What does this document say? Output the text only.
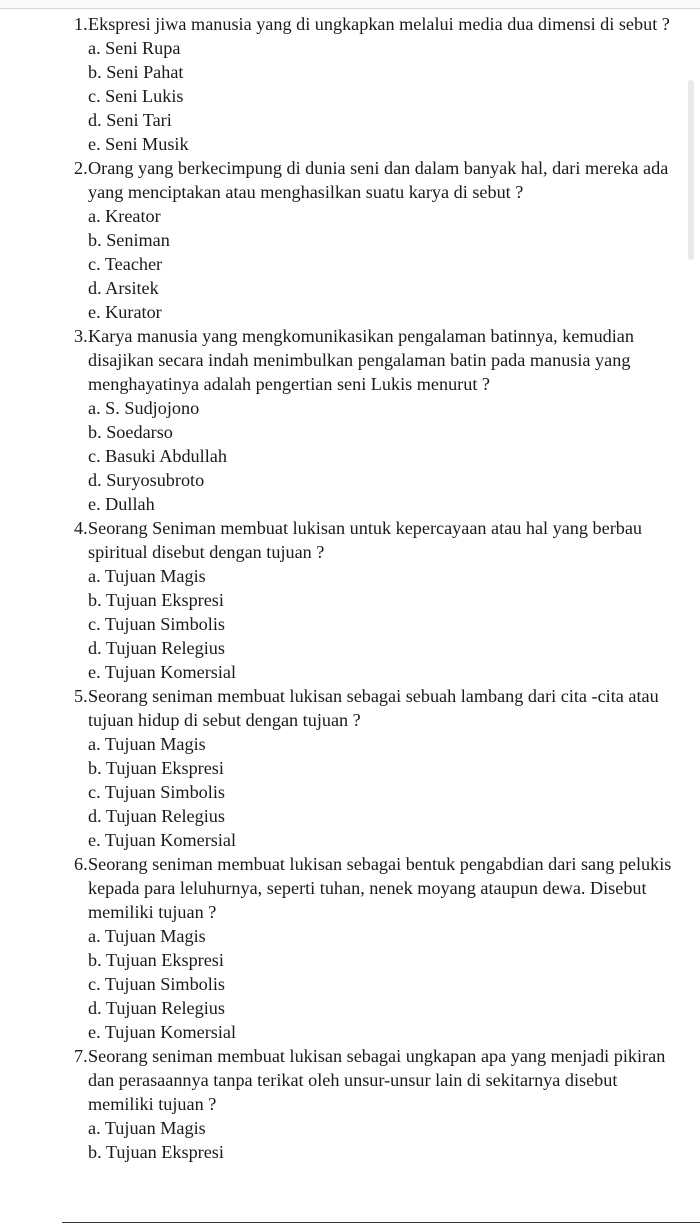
1. Ekspresi jiwa manusia yang di ungkapkan melalui media dua dimensi di sebut ?
a. Seni Rupa
b. Seni Pahat
c. Seni Lukis
d. Seni Tari
e. Seni Musik
2. Orang yang berkecimpung di dunia seni dan dalam banyak hal, dari mereka ada yang menciptakan atau menghasilkan suatu karya di sebut ?
a. Kreator
b. Seniman
c. Teacher
d. Arsitek
e. Kurator
3. Karya manusia yang mengkomunikasikan pengalaman batinnya, kemudian disajikan secara indah menimbulkan pengalaman batin pada manusia yang menghayatinya adalah pengertian seni Lukis menurut ?
a. S. Sudjojono
b. Soedarso
c. Basuki Abdullah
d. Suryosubroto
e. Dullah
4. Seorang Seniman membuat lukisan untuk kepercayaan atau hal yang berbau spiritual disebut dengan tujuan ?
a. Tujuan Magis
b. Tujuan Ekspresi
c. Tujuan Simbolis
d. Tujuan Relegius
e. Tujuan Komersial
5. Seorang seniman membuat lukisan sebagai sebuah lambang dari cita -cita atau tujuan hidup di sebut dengan tujuan ?
a. Tujuan Magis
b. Tujuan Ekspresi
c. Tujuan Simbolis
d. Tujuan Relegius
e. Tujuan Komersial
6. Seorang seniman membuat lukisan sebagai bentuk pengabdian dari sang pelukis kepada para leluhurnya, seperti tuhan, nenek moyang ataupun dewa. Disebut memiliki tujuan ?
a. Tujuan Magis
b. Tujuan Ekspresi
c. Tujuan Simbolis
d. Tujuan Relegius
e. Tujuan Komersial
7. Seorang seniman membuat lukisan sebagai ungkapan apa yang menjadi pikiran dan perasaannya tanpa terikat oleh unsur-unsur lain di sekitarnya disebut memiliki tujuan ?
a. Tujuan Magis
b. Tujuan Ekspresi
